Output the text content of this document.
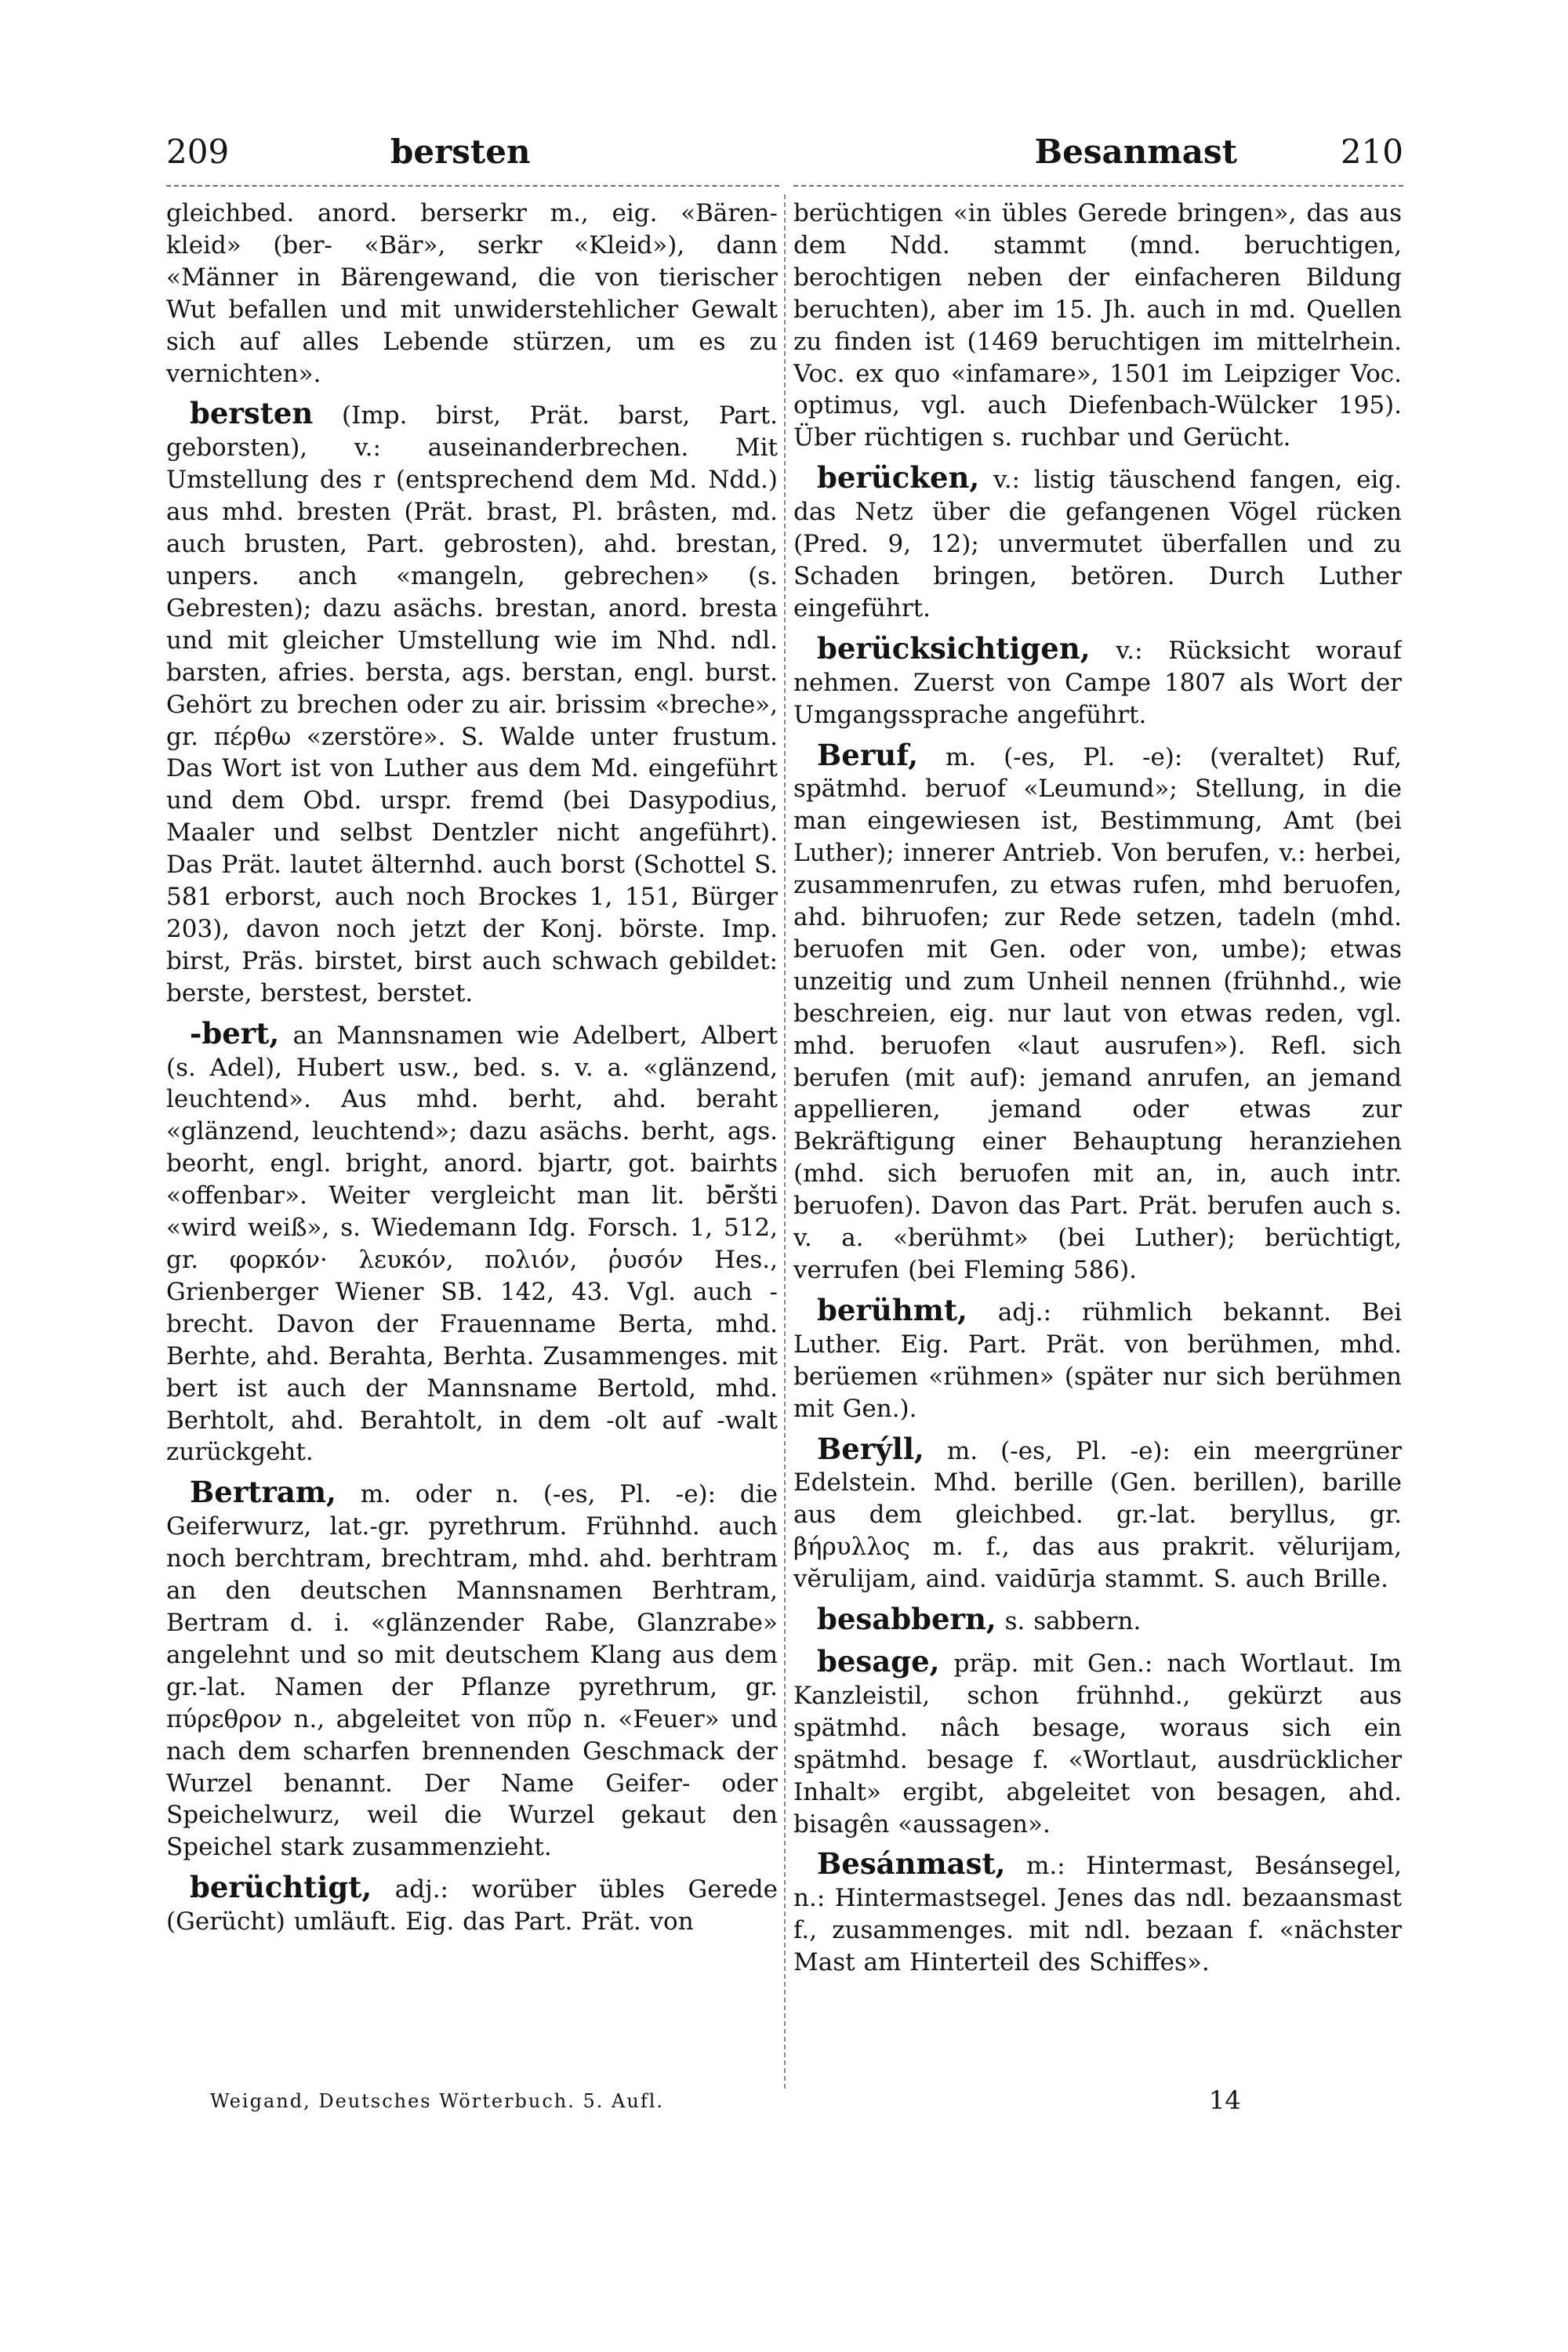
209	bersten	Besanmast	210

gleichbed. anord. berserkr m., eig. «Bären-kleid» (ber- «Bär», serkr «Kleid»), dann «Männer in Bärengewand, die von tierischer Wut befallen und mit unwiderstehlicher Gewalt sich auf alles Lebende stürzen, um es zu vernichten».

bersten (Imp. birst, Prät. barst, Part. geborsten), v.: auseinanderbrechen. Mit Umstellung des r (entsprechend dem Md. Ndd.) aus mhd. bresten (Prät. brast, Pl. brâsten, md. auch brusten, Part. gebrosten), ahd. brestan, unpers. anch «mangeln, gebrechen» (s. Gebresten); dazu asächs. brestan, anord. bresta und mit gleicher Umstellung wie im Nhd. ndl. barsten, afries. bersta, ags. berstan, engl. burst. Gehört zu brechen oder zu air. brissim «breche», gr. πέρθω «zerstöre». S. Walde unter frustum. Das Wort ist von Luther aus dem Md. eingeführt und dem Obd. urspr. fremd (bei Dasypodius, Maaler und selbst Dentzler nicht angeführt). Das Prät. lautet älternhd. auch borst (Schottel S. 581 erborst, auch noch Brockes 1, 151, Bürger 203), davon noch jetzt der Konj. börste. Imp. birst, Präs. birstet, birst auch schwach gebildet: berste, berstest, berstet.

-bert, an Mannsnamen wie Adelbert, Albert (s. Adel), Hubert usw., bed. s. v. a. «glänzend, leuchtend». Aus mhd. berht, ahd. beraht «glänzend, leuchtend»; dazu asächs. berht, ags. beorht, engl. bright, anord. bjartr, got. bairhts «offenbar». Weiter vergleicht man lit. bĕ̃ršti «wird weiß», s. Wiedemann Idg. Forsch. 1, 512, gr. φορκόν· λευκόν, πολιόν, ῥυσόν Hes., Grienberger Wiener SB. 142, 43. Vgl. auch -brecht. Davon der Frauenname Berta, mhd. Berhte, ahd. Berahta, Berhta. Zusammenges. mit bert ist auch der Mannsname Bertold, mhd. Berhtolt, ahd. Berahtolt, in dem -olt auf -walt zurückgeht.

Bertram, m. oder n. (-es, Pl. -e): die Geiferwurz, lat.-gr. pyrethrum. Frühnhd. auch noch berchtram, brechtram, mhd. ahd. berhtram an den deutschen Mannsnamen Berhtram, Bertram d. i. «glänzender Rabe, Glanzrabe» angelehnt und so mit deutschem Klang aus dem gr.-lat. Namen der Pflanze pyrethrum, gr. πύρεθρον n., abgeleitet von πῦρ n. «Feuer» und nach dem scharfen brennenden Geschmack der Wurzel benannt. Der Name Geifer- oder Speichelwurz, weil die Wurzel gekaut den Speichel stark zusammenzieht.

berüchtigt, adj.: worüber übles Gerede (Gerücht) umläuft. Eig. das Part. Prät. von

berüchtigen «in übles Gerede bringen», das aus dem Ndd. stammt (mnd. beruchtigen, berochtigen neben der einfacheren Bildung beruchten), aber im 15. Jh. auch in md. Quellen zu finden ist (1469 beruchtigen im mittelrhein. Voc. ex quo «infamare», 1501 im Leipziger Voc. optimus, vgl. auch Diefenbach-Wülcker 195). Über rüchtigen s. ruchbar und Gerücht.

berücken, v.: listig täuschend fangen, eig. das Netz über die gefangenen Vögel rücken (Pred. 9, 12); unvermutet überfallen und zu Schaden bringen, betören. Durch Luther eingeführt.

berücksichtigen, v.: Rücksicht worauf nehmen. Zuerst von Campe 1807 als Wort der Umgangssprache angeführt.

Beruf, m. (-es, Pl. -e): (veraltet) Ruf, spätmhd. beruof «Leumund»; Stellung, in die man eingewiesen ist, Bestimmung, Amt (bei Luther); innerer Antrieb. Von berufen, v.: herbei, zusammenrufen, zu etwas rufen, mhd beruofen, ahd. bihruofen; zur Rede setzen, tadeln (mhd. beruofen mit Gen. oder von, umbe); etwas unzeitig und zum Unheil nennen (frühnhd., wie beschreien, eig. nur laut von etwas reden, vgl. mhd. beruofen «laut ausrufen»). Refl. sich berufen (mit auf): jemand anrufen, an jemand appellieren, jemand oder etwas zur Bekräftigung einer Behauptung heranziehen (mhd. sich beruofen mit an, in, auch intr. beruofen). Davon das Part. Prät. berufen auch s. v. a. «berühmt» (bei Luther); berüchtigt, verrufen (bei Fleming 586).

berühmt, adj.: rühmlich bekannt. Bei Luther. Eig. Part. Prät. von berühmen, mhd. berüemen «rühmen» (später nur sich berühmen mit Gen.).

Berýll, m. (-es, Pl. -e): ein meergrüner Edelstein. Mhd. berille (Gen. berillen), barille aus dem gleichbed. gr.-lat. beryllus, gr. βήρυλλος m. f., das aus prakrit. vĕlurijam, vĕrulijam, aind. vaidūrja stammt. S. auch Brille.

besabbern, s. sabbern.

besage, präp. mit Gen.: nach Wortlaut. Im Kanzleistil, schon frühnhd., gekürzt aus spätmhd. nâch besage, woraus sich ein spätmhd. besage f. «Wortlaut, ausdrücklicher Inhalt» ergibt, abgeleitet von besagen, ahd. bisagên «aussagen».

Besánmast, m.: Hintermast, Besánsegel, n.: Hintermastsegel. Jenes das ndl. bezaansmast f., zusammenges. mit ndl. bezaan f. «nächster Mast am Hinterteil des Schiffes».

Weigand, Deutsches Wörterbuch. 5. Aufl.	14
